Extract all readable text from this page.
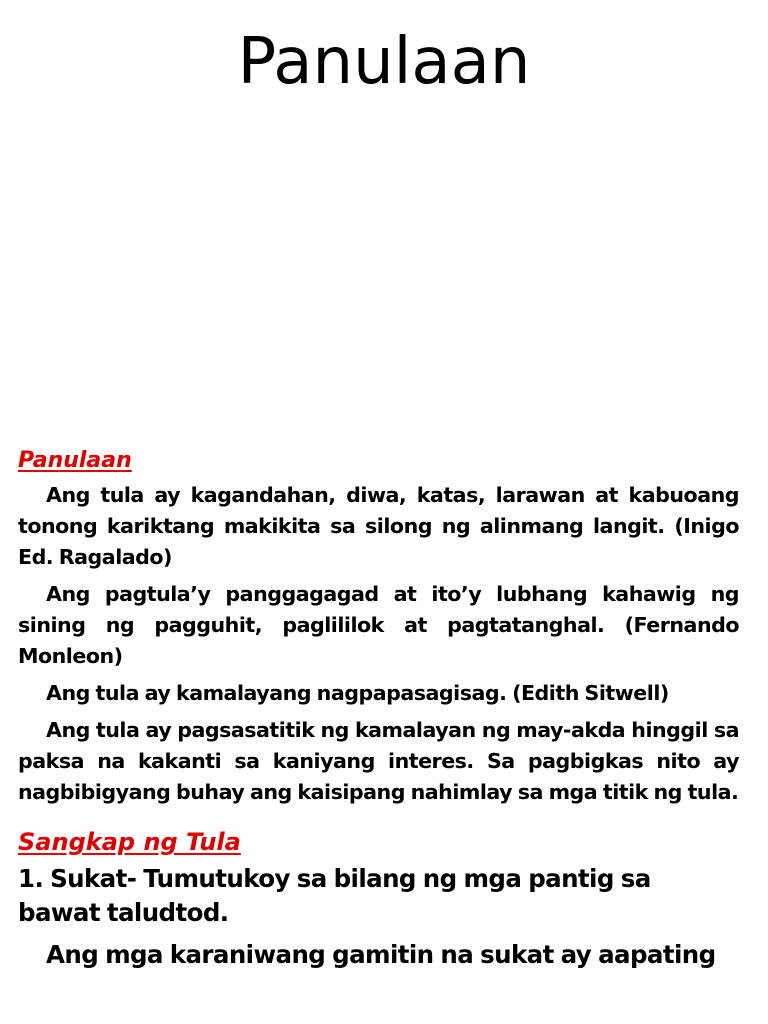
Panulaan
Panulaan

Ang tula ay kagandahan, diwa, katas, larawan at kabuoang tonong kariktang makikita sa silong ng alinmang langit. (Inigo Ed. Ragalado)

Ang pagtula’y panggagagad at ito’y lubhang kahawig ng sining ng pagguhit, paglililok at pagtatanghal. (Fernando Monleon)

Ang tula ay kamalayang nagpapasagisag. (Edith Sitwell)

Ang tula ay pagsasatitik ng kamalayan ng may-akda hinggil sa paksa na kakanti sa kaniyang interes. Sa pagbigkas nito ay nagbibigyang buhay ang kaisipang nahimlay sa mga titik ng tula.

Sangkap ng Tula

1. Sukat- Tumutukoy sa bilang ng mga pantig sa bawat taludtod.

Ang mga karaniwang gamitin na sukat ay aapating
